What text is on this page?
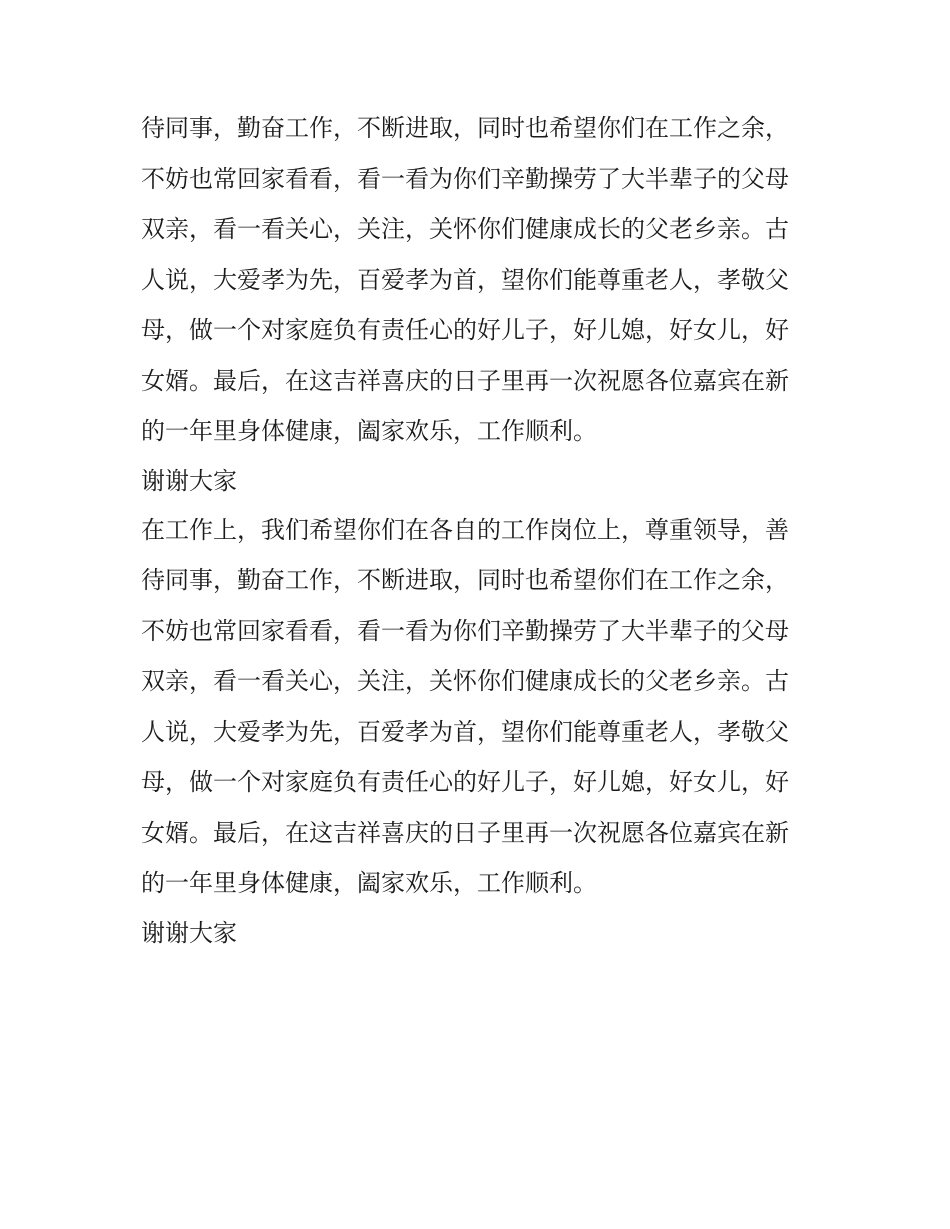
待同事，勤奋工作，不断进取，同时也希望你们在工作之余，
不妨也常回家看看，看一看为你们辛勤操劳了大半辈子的父母
双亲，看一看关心，关注，关怀你们健康成长的父老乡亲。古
人说，大爱孝为先，百爱孝为首，望你们能尊重老人，孝敬父
母，做一个对家庭负有责任心的好儿子，好儿媳，好女儿，好
女婿。最后，在这吉祥喜庆的日子里再一次祝愿各位嘉宾在新
的一年里身体健康，阖家欢乐，工作顺利。
谢谢大家
在工作上，我们希望你们在各自的工作岗位上，尊重领导，善
待同事，勤奋工作，不断进取，同时也希望你们在工作之余，
不妨也常回家看看，看一看为你们辛勤操劳了大半辈子的父母
双亲，看一看关心，关注，关怀你们健康成长的父老乡亲。古
人说，大爱孝为先，百爱孝为首，望你们能尊重老人，孝敬父
母，做一个对家庭负有责任心的好儿子，好儿媳，好女儿，好
女婿。最后，在这吉祥喜庆的日子里再一次祝愿各位嘉宾在新
的一年里身体健康，阖家欢乐，工作顺利。
谢谢大家
